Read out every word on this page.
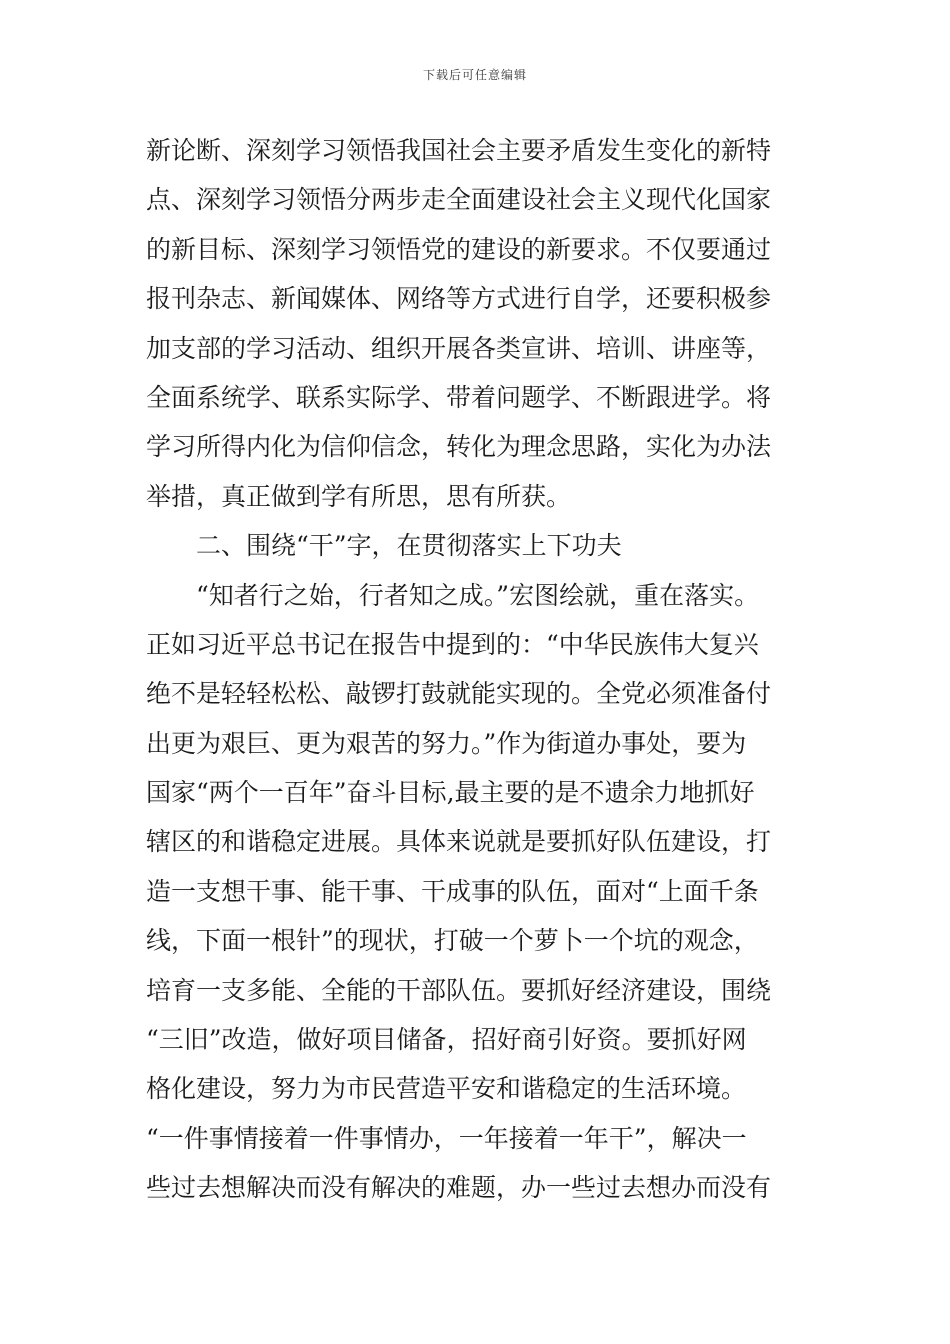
下载后可任意编辑
新论断、深刻学习领悟我国社会主要矛盾发生变化的新特
点、深刻学习领悟分两步走全面建设社会主义现代化国家
的新目标、深刻学习领悟党的建设的新要求。不仅要通过
报刊杂志、新闻媒体、网络等方式进行自学，还要积极参
加支部的学习活动、组织开展各类宣讲、培训、讲座等，
全面系统学、联系实际学、带着问题学、不断跟进学。将
学习所得内化为信仰信念，转化为理念思路，实化为办法
举措，真正做到学有所思，思有所获。
二、围绕“干”字，在贯彻落实上下功夫
“知者行之始，行者知之成。”宏图绘就，重在落实。
正如习近平总书记在报告中提到的：“中华民族伟大复兴
绝不是轻轻松松、敲锣打鼓就能实现的。全党必须准备付
出更为艰巨、更为艰苦的努力。”作为街道办事处，要为
国家“两个一百年”奋斗目标,最主要的是不遗余力地抓好
辖区的和谐稳定进展。具体来说就是要抓好队伍建设，打
造一支想干事、能干事、干成事的队伍，面对“上面千条
线，下面一根针”的现状，打破一个萝卜一个坑的观念，
培育一支多能、全能的干部队伍。要抓好经济建设，围绕
“三旧”改造，做好项目储备，招好商引好资。要抓好网
格化建设，努力为市民营造平安和谐稳定的生活环境。
“一件事情接着一件事情办，一年接着一年干”，解决一
些过去想解决而没有解决的难题，办一些过去想办而没有
